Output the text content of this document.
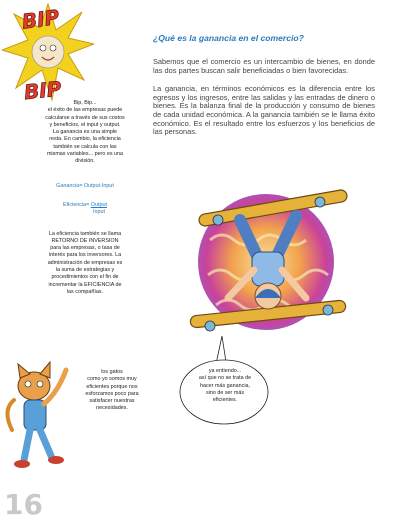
BIP
BIP	Bip, Bip...

el éxito de las empresas puede

calcularse a través de sus costos

y beneficios, el input y output.

La ganancia es una simple

resta. En cambio, la eficiencia

también se calcula con las

mismas variables... pero es una

división.

Ganancia= Output-Input

Eficiencia= Output
Input

La eficiencia también se llama

RETORNO DE INVERSION

para las empresas, o tasa de

interés para los inversores. La

administración de empresas es

la suma de estrategias y

procedimientos con el fin de

incrementar la EFICIENCIA de

las compañías.

¿Qué es la ganancia en el comercio?

Sabemos que el comercio es un intercambio de bienes, en donde las dos partes buscan salir beneficiadas o bien favorecidas.

La ganancia, en términos económicos es la diferencia entre los egresos y los ingresos, entre las salidas y las entradas de dinero o bienes. Es la balanza final de la producción y consumo de bienes de cada unidad económica. A la ganancia también se le llama éxito económico. Es el resultado entre los esfuerzos y los beneficios de las personas.

los gatos
como yo somos muy
eficientes porque nos
esforzamos poco para
satisfacer nuestras
necesidades.
ya entiendo...
así que no se trata de
hacer más ganancia,
sino de ser más
eficientes.
16
